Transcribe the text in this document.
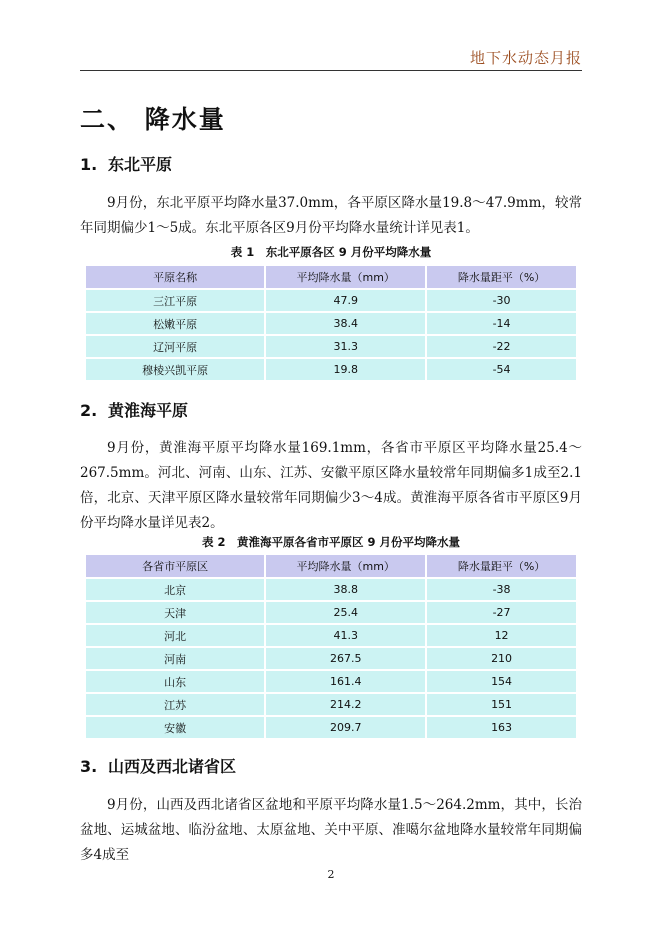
地下水动态月报
二、 降水量
1. 东北平原
9月份，东北平原平均降水量37.0mm，各平原区降水量19.8～47.9mm，较常年同期偏少1～5成。东北平原各区9月份平均降水量统计详见表1。
表 1　东北平原各区 9 月份平均降水量
平原名称	平均降水量（mm）	降水量距平（%）
三江平原	47.9	-30
松嫩平原	38.4	-14
辽河平原	31.3	-22
穆棱兴凯平原	19.8	-54
2. 黄淮海平原
9月份，黄淮海平原平均降水量169.1mm，各省市平原区平均降水量25.4～267.5mm。河北、河南、山东、江苏、安徽平原区降水量较常年同期偏多1成至2.1倍，北京、天津平原区降水量较常年同期偏少3～4成。黄淮海平原各省市平原区9月份平均降水量详见表2。
表 2　黄淮海平原各省市平原区 9 月份平均降水量
各省市平原区	平均降水量（mm）	降水量距平（%）
北京	38.8	-38
天津	25.4	-27
河北	41.3	12
河南	267.5	210
山东	161.4	154
江苏	214.2	151
安徽	209.7	163
3. 山西及西北诸省区
9月份，山西及西北诸省区盆地和平原平均降水量1.5～264.2mm，其中，长治盆地、运城盆地、临汾盆地、太原盆地、关中平原、准噶尔盆地降水量较常年同期偏多4成至
2
